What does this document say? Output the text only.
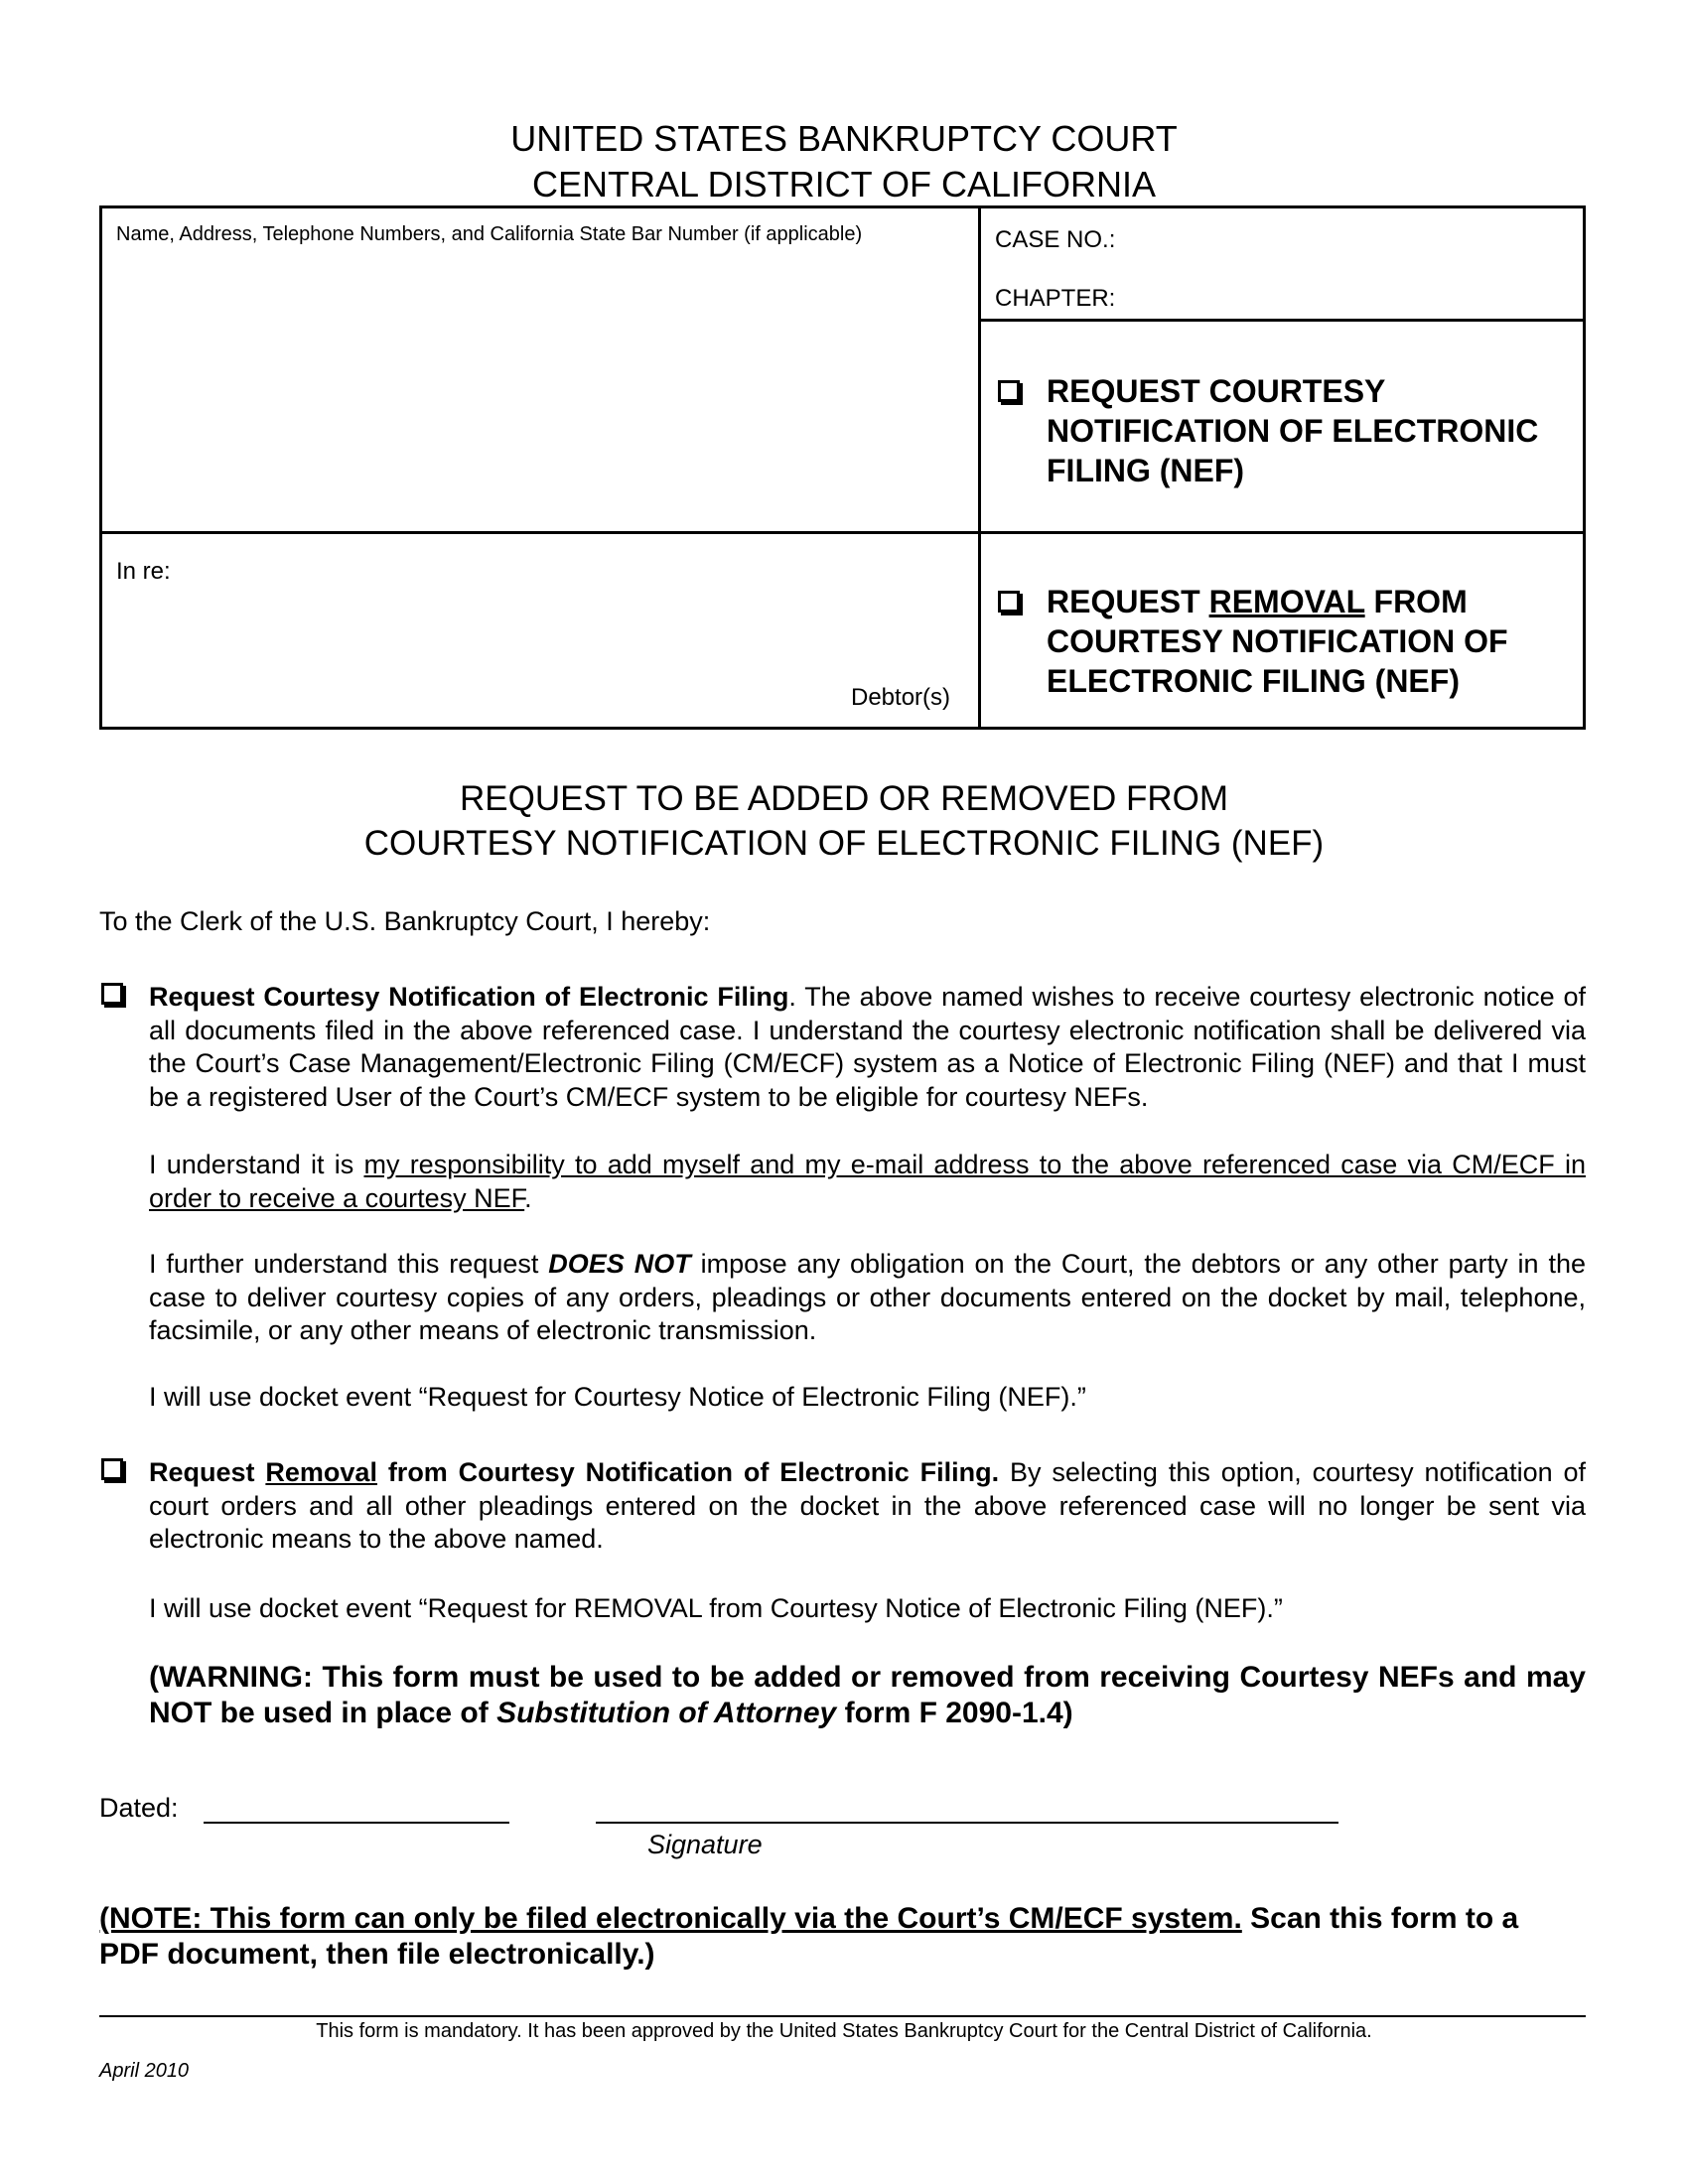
UNITED STATES BANKRUPTCY COURT
CENTRAL DISTRICT OF CALIFORNIA
Name, Address, Telephone Numbers, and California State Bar Number (if applicable)	CASE NO.:
CHAPTER:
In re:
Debtor(s)
REQUEST COURTESY
NOTIFICATION OF ELECTRONIC
FILING (NEF)
REQUEST REMOVAL FROM
COURTESY NOTIFICATION OF
ELECTRONIC FILING (NEF)
REQUEST TO BE ADDED OR REMOVED FROM
COURTESY NOTIFICATION OF ELECTRONIC FILING (NEF)
To the Clerk of the U.S. Bankruptcy Court, I hereby:
Request Courtesy Notification of Electronic Filing. The above named wishes to receive courtesy electronic notice of all documents filed in the above referenced case. I understand the courtesy electronic notification shall be delivered via the Court’s Case Management/Electronic Filing (CM/ECF) system as a Notice of Electronic Filing (NEF) and that I must be a registered User of the Court’s CM/ECF system to be eligible for courtesy NEFs.
I understand it is my responsibility to add myself and my e-mail address to the above referenced case via CM/ECF in order to receive a courtesy NEF.
I further understand this request DOES NOT impose any obligation on the Court, the debtors or any other party in the case to deliver courtesy copies of any orders, pleadings or other documents entered on the docket by mail, telephone, facsimile, or any other means of electronic transmission.
I will use docket event “Request for Courtesy Notice of Electronic Filing (NEF).”
Request Removal from Courtesy Notification of Electronic Filing. By selecting this option, courtesy notification of court orders and all other pleadings entered on the docket in the above referenced case will no longer be sent via electronic means to the above named.
I will use docket event “Request for REMOVAL from Courtesy Notice of Electronic Filing (NEF).”
(WARNING: This form must be used to be added or removed from receiving Courtesy NEFs and may NOT be used in place of Substitution of Attorney form F 2090-1.4)
Dated:
Signature
(NOTE: This form can only be filed electronically via the Court’s CM/ECF system. Scan this form to a PDF document, then file electronically.)
This form is mandatory. It has been approved by the United States Bankruptcy Court for the Central District of California.
April 2010
